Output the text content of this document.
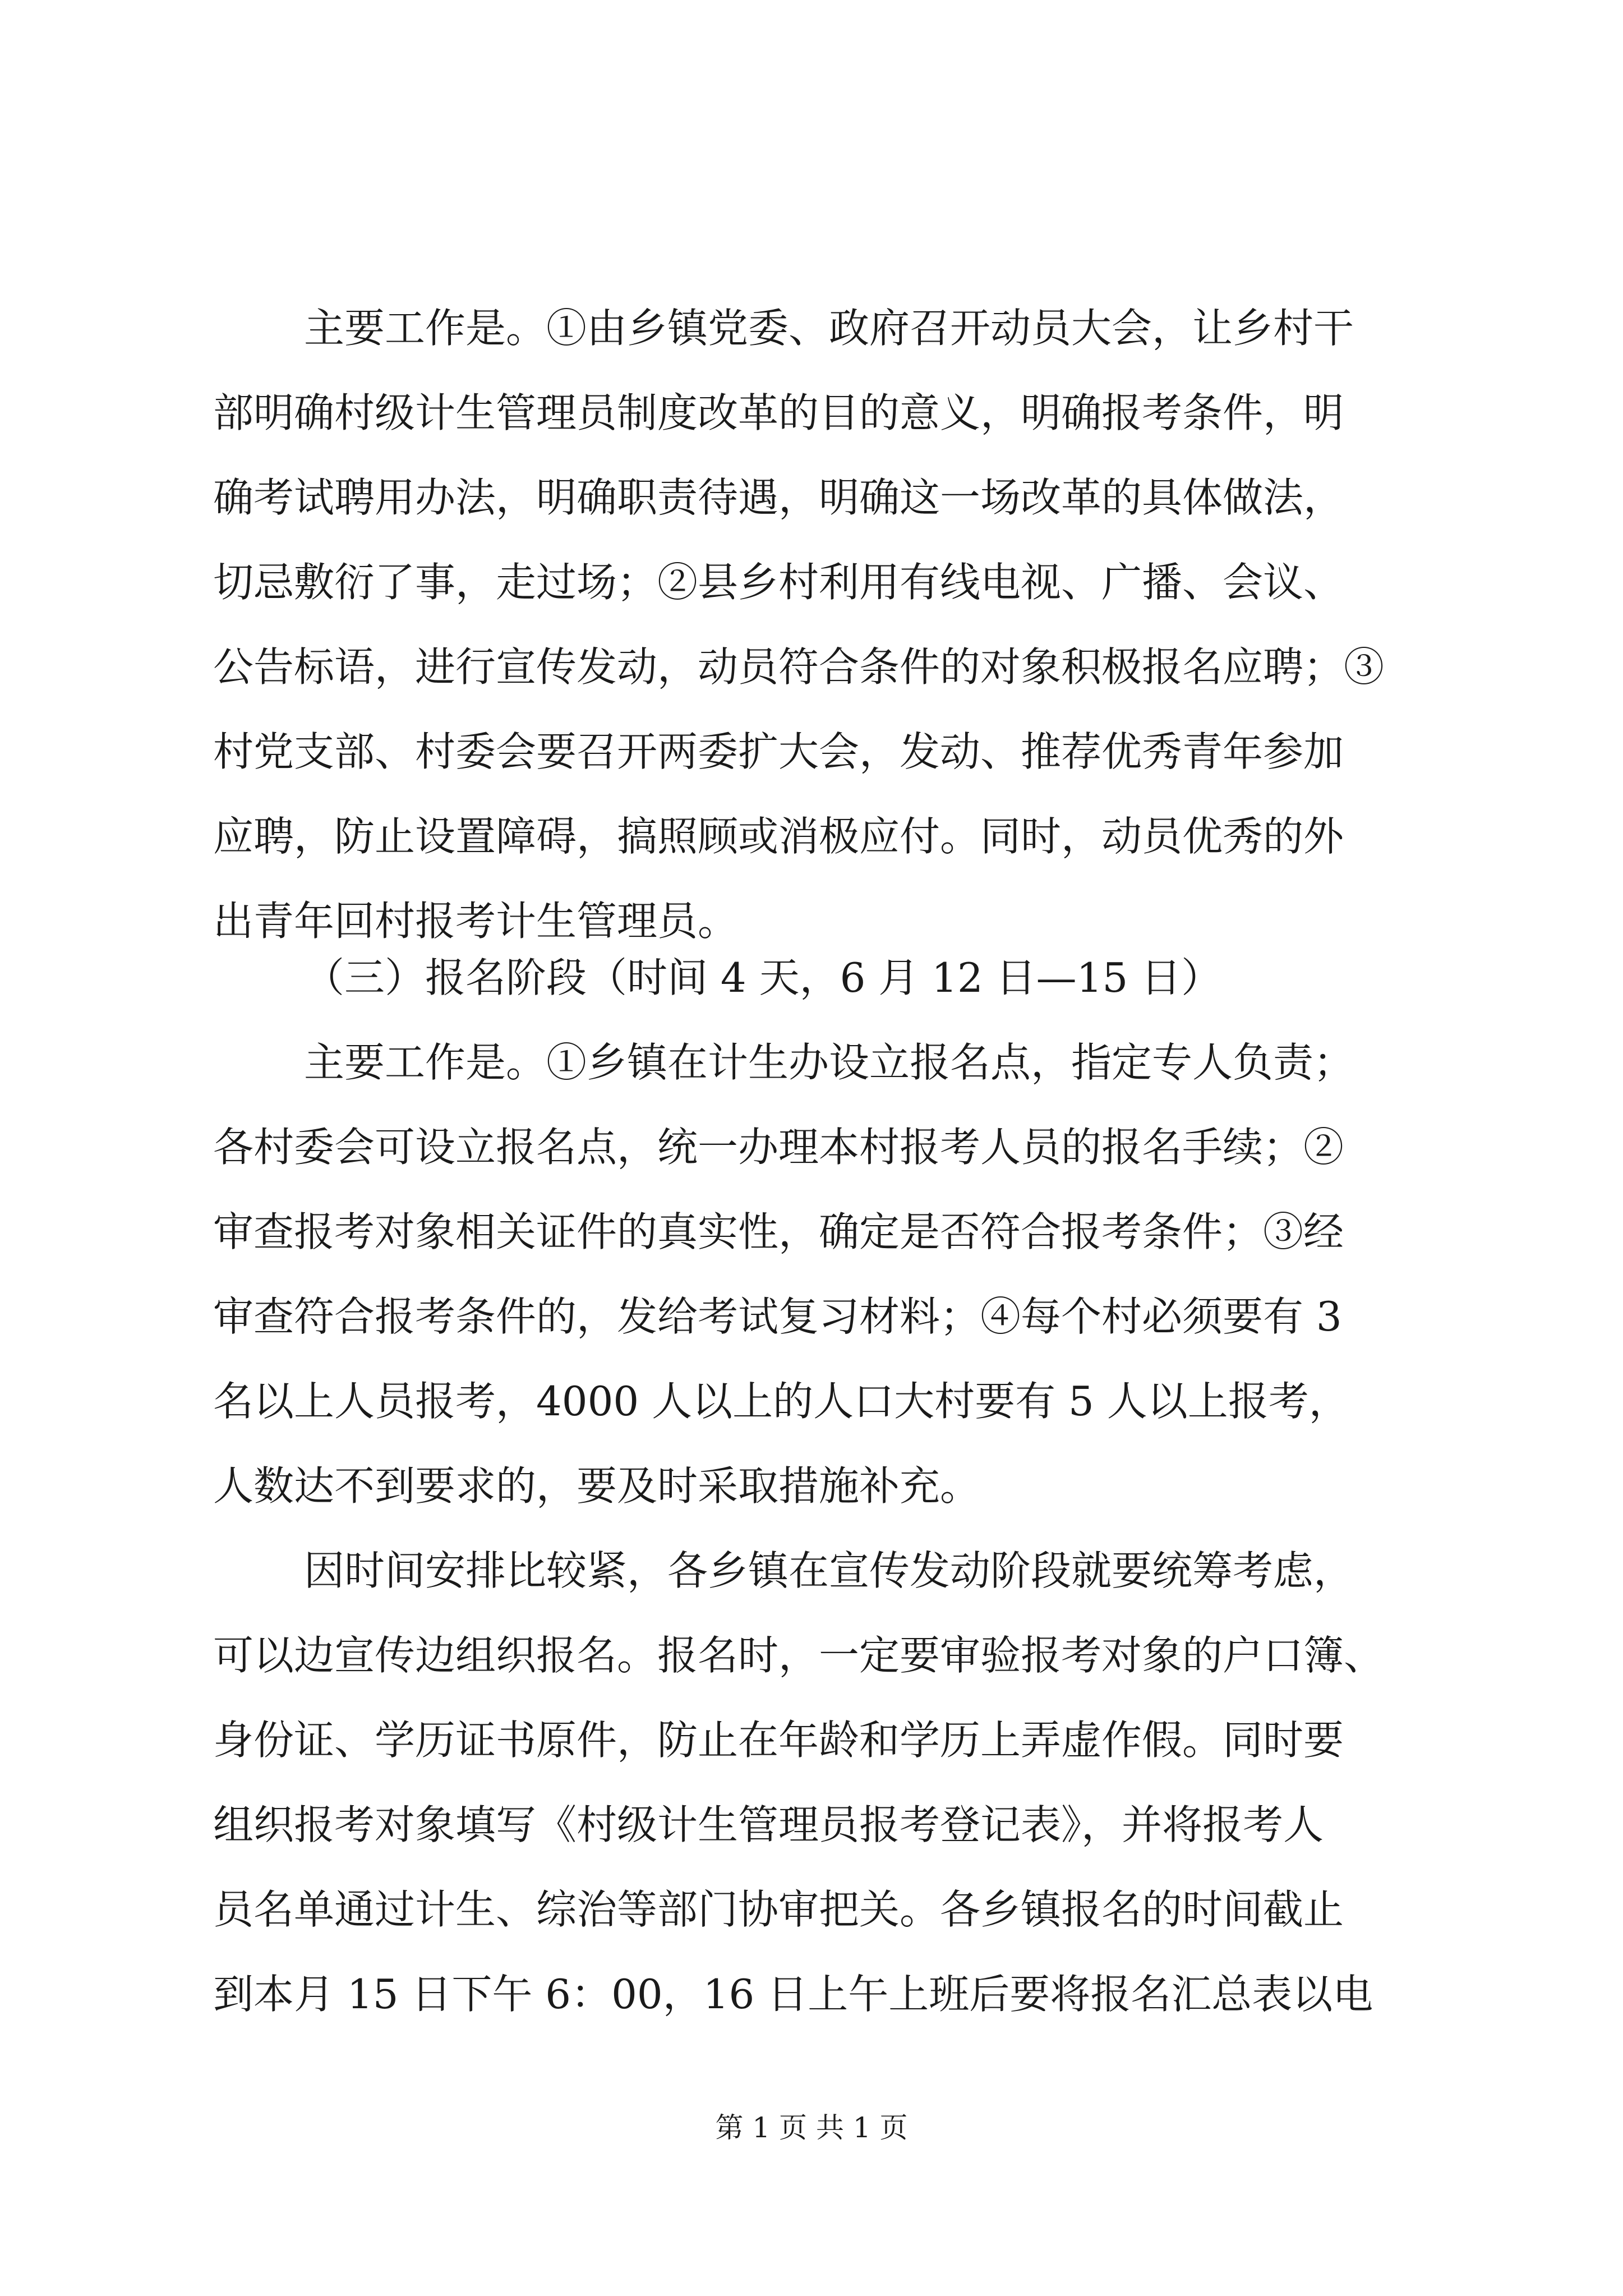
主要工作是。①由乡镇党委、政府召开动员大会，让乡村干
部明确村级计生管理员制度改革的目的意义，明确报考条件，明
确考试聘用办法，明确职责待遇，明确这一场改革的具体做法，
切忌敷衍了事，走过场；②县乡村利用有线电视、广播、会议、
公告标语，进行宣传发动，动员符合条件的对象积极报名应聘；③
村党支部、村委会要召开两委扩大会，发动、推荐优秀青年参加
应聘，防止设置障碍，搞照顾或消极应付。同时，动员优秀的外
出青年回村报考计生管理员。
（三）报名阶段（时间 4 天，6 月 12 日—15 日）
主要工作是。①乡镇在计生办设立报名点，指定专人负责；
各村委会可设立报名点，统一办理本村报考人员的报名手续；②
审查报考对象相关证件的真实性，确定是否符合报考条件；③经
审查符合报考条件的，发给考试复习材料；④每个村必须要有 3
名以上人员报考，4000 人以上的人口大村要有 5 人以上报考，
人数达不到要求的，要及时采取措施补充。
因时间安排比较紧，各乡镇在宣传发动阶段就要统筹考虑，
可以边宣传边组织报名。报名时，一定要审验报考对象的户口簿、
身份证、学历证书原件，防止在年龄和学历上弄虚作假。同时要
组织报考对象填写《村级计生管理员报考登记表》，并将报考人
员名单通过计生、综治等部门协审把关。各乡镇报名的时间截止
到本月 15 日下午 6：00，16 日上午上班后要将报名汇总表以电
第 1 页 共 1 页
